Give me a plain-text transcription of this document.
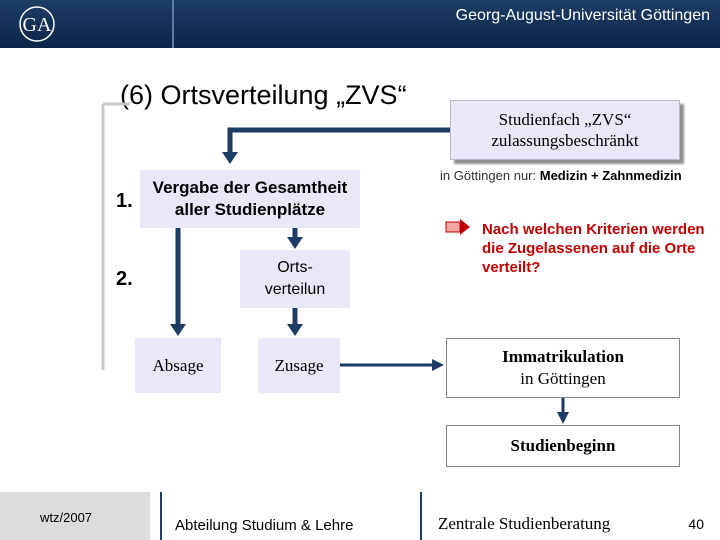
GA	Georg-August-Universität Göttingen
(6) Ortsverteilung „ZVS“
Studienfach „ZVS“
zulassungsbeschränkt
in Göttingen nur: Medizin + Zahnmedizin
1.
Vergabe der Gesamtheit
aller Studienplätze
2.
Orts-
verteilun
Nach welchen Kriterien werden die Zugelassenen auf die Orte verteilt?
Absage	Zusage	Immatrikulation
in Göttingen
Studienbeginn
wtz/2007	Abteilung Studium & Lehre	Zentrale Studienberatung	40
